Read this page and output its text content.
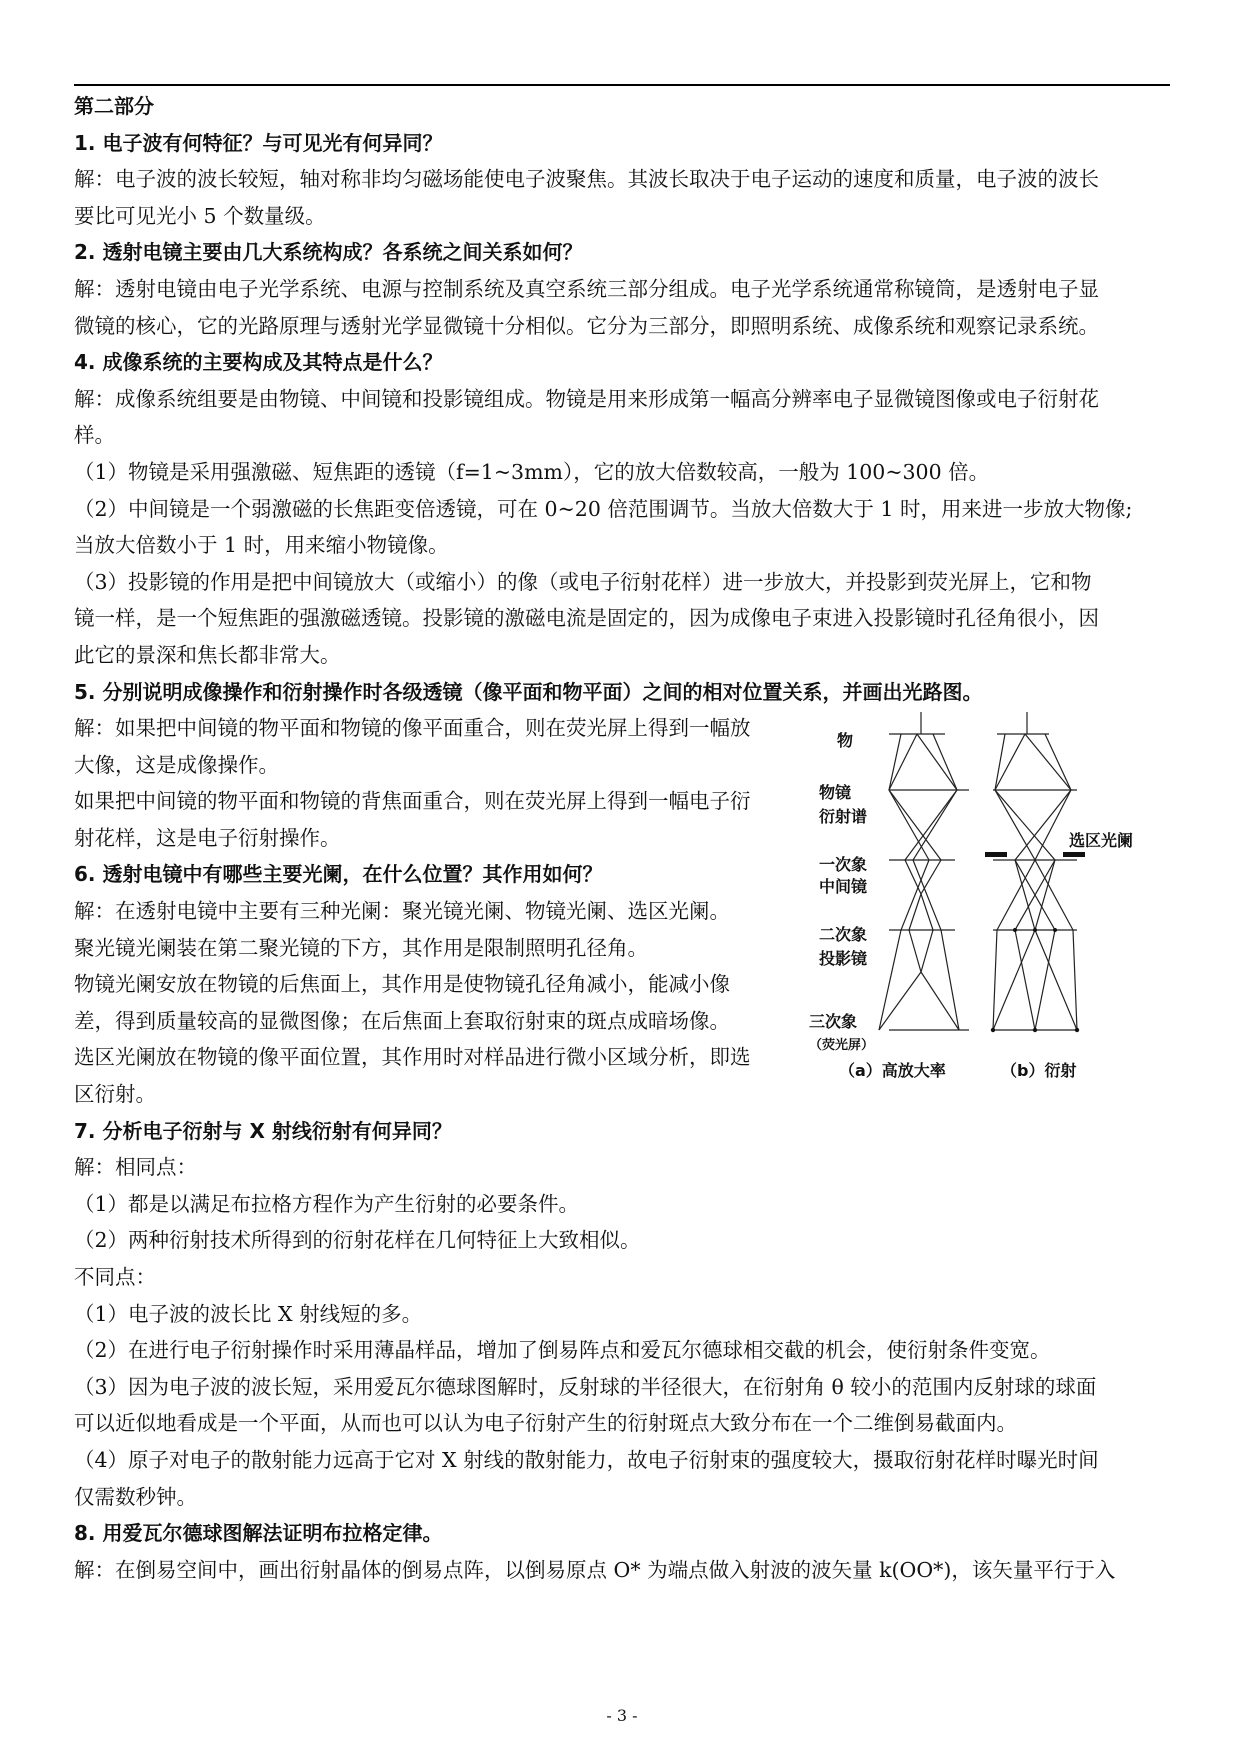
第二部分

1. 电子波有何特征？与可见光有何异同？

解：电子波的波长较短，轴对称非均匀磁场能使电子波聚焦。其波长取决于电子运动的速度和质量，电子波的波长

要比可见光小 5 个数量级。

2. 透射电镜主要由几大系统构成？各系统之间关系如何？

解：透射电镜由电子光学系统、电源与控制系统及真空系统三部分组成。电子光学系统通常称镜筒，是透射电子显

微镜的核心，它的光路原理与透射光学显微镜十分相似。它分为三部分，即照明系统、成像系统和观察记录系统。

4. 成像系统的主要构成及其特点是什么？

解：成像系统组要是由物镜、中间镜和投影镜组成。物镜是用来形成第一幅高分辨率电子显微镜图像或电子衍射花

样。

（1）物镜是采用强激磁、短焦距的透镜（f=1~3mm），它的放大倍数较高，一般为 100~300 倍。

（2）中间镜是一个弱激磁的长焦距变倍透镜，可在 0~20 倍范围调节。当放大倍数大于 1 时，用来进一步放大物像;

当放大倍数小于 1 时，用来缩小物镜像。

（3）投影镜的作用是把中间镜放大（或缩小）的像（或电子衍射花样）进一步放大，并投影到荧光屏上，它和物

镜一样，是一个短焦距的强激磁透镜。投影镜的激磁电流是固定的，因为成像电子束进入投影镜时孔径角很小，因

此它的景深和焦长都非常大。

5. 分别说明成像操作和衍射操作时各级透镜（像平面和物平面）之间的相对位置关系，并画出光路图。

解：如果把中间镜的物平面和物镜的像平面重合，则在荧光屏上得到一幅放

大像，这是成像操作。

如果把中间镜的物平面和物镜的背焦面重合，则在荧光屏上得到一幅电子衍

射花样，这是电子衍射操作。

6. 透射电镜中有哪些主要光阑，在什么位置？其作用如何？

解：在透射电镜中主要有三种光阑：聚光镜光阑、物镜光阑、选区光阑。

聚光镜光阑装在第二聚光镜的下方，其作用是限制照明孔径角。

物镜光阑安放在物镜的后焦面上，其作用是使物镜孔径角减小，能减小像

差，得到质量较高的显微图像；在后焦面上套取衍射束的斑点成暗场像。

选区光阑放在物镜的像平面位置，其作用时对样品进行微小区域分析，即选

区衍射。

物
物镜
衍射谱
一次象
中间镜
二次象
投影镜
三次象
（荧光屏）
选区光阑
（a）高放大率	（b）衍射

7. 分析电子衍射与 X 射线衍射有何异同？

解：相同点：

（1）都是以满足布拉格方程作为产生衍射的必要条件。

（2）两种衍射技术所得到的衍射花样在几何特征上大致相似。

不同点：

（1）电子波的波长比 X 射线短的多。

（2）在进行电子衍射操作时采用薄晶样品，增加了倒易阵点和爱瓦尔德球相交截的机会，使衍射条件变宽。

（3）因为电子波的波长短，采用爱瓦尔德球图解时，反射球的半径很大，在衍射角 θ 较小的范围内反射球的球面

可以近似地看成是一个平面，从而也可以认为电子衍射产生的衍射斑点大致分布在一个二维倒易截面内。

（4）原子对电子的散射能力远高于它对 X 射线的散射能力，故电子衍射束的强度较大，摄取衍射花样时曝光时间

仅需数秒钟。

8. 用爱瓦尔德球图解法证明布拉格定律。

解：在倒易空间中，画出衍射晶体的倒易点阵，以倒易原点 O* 为端点做入射波的波矢量 k(OO*)，该矢量平行于入

- 3 -
